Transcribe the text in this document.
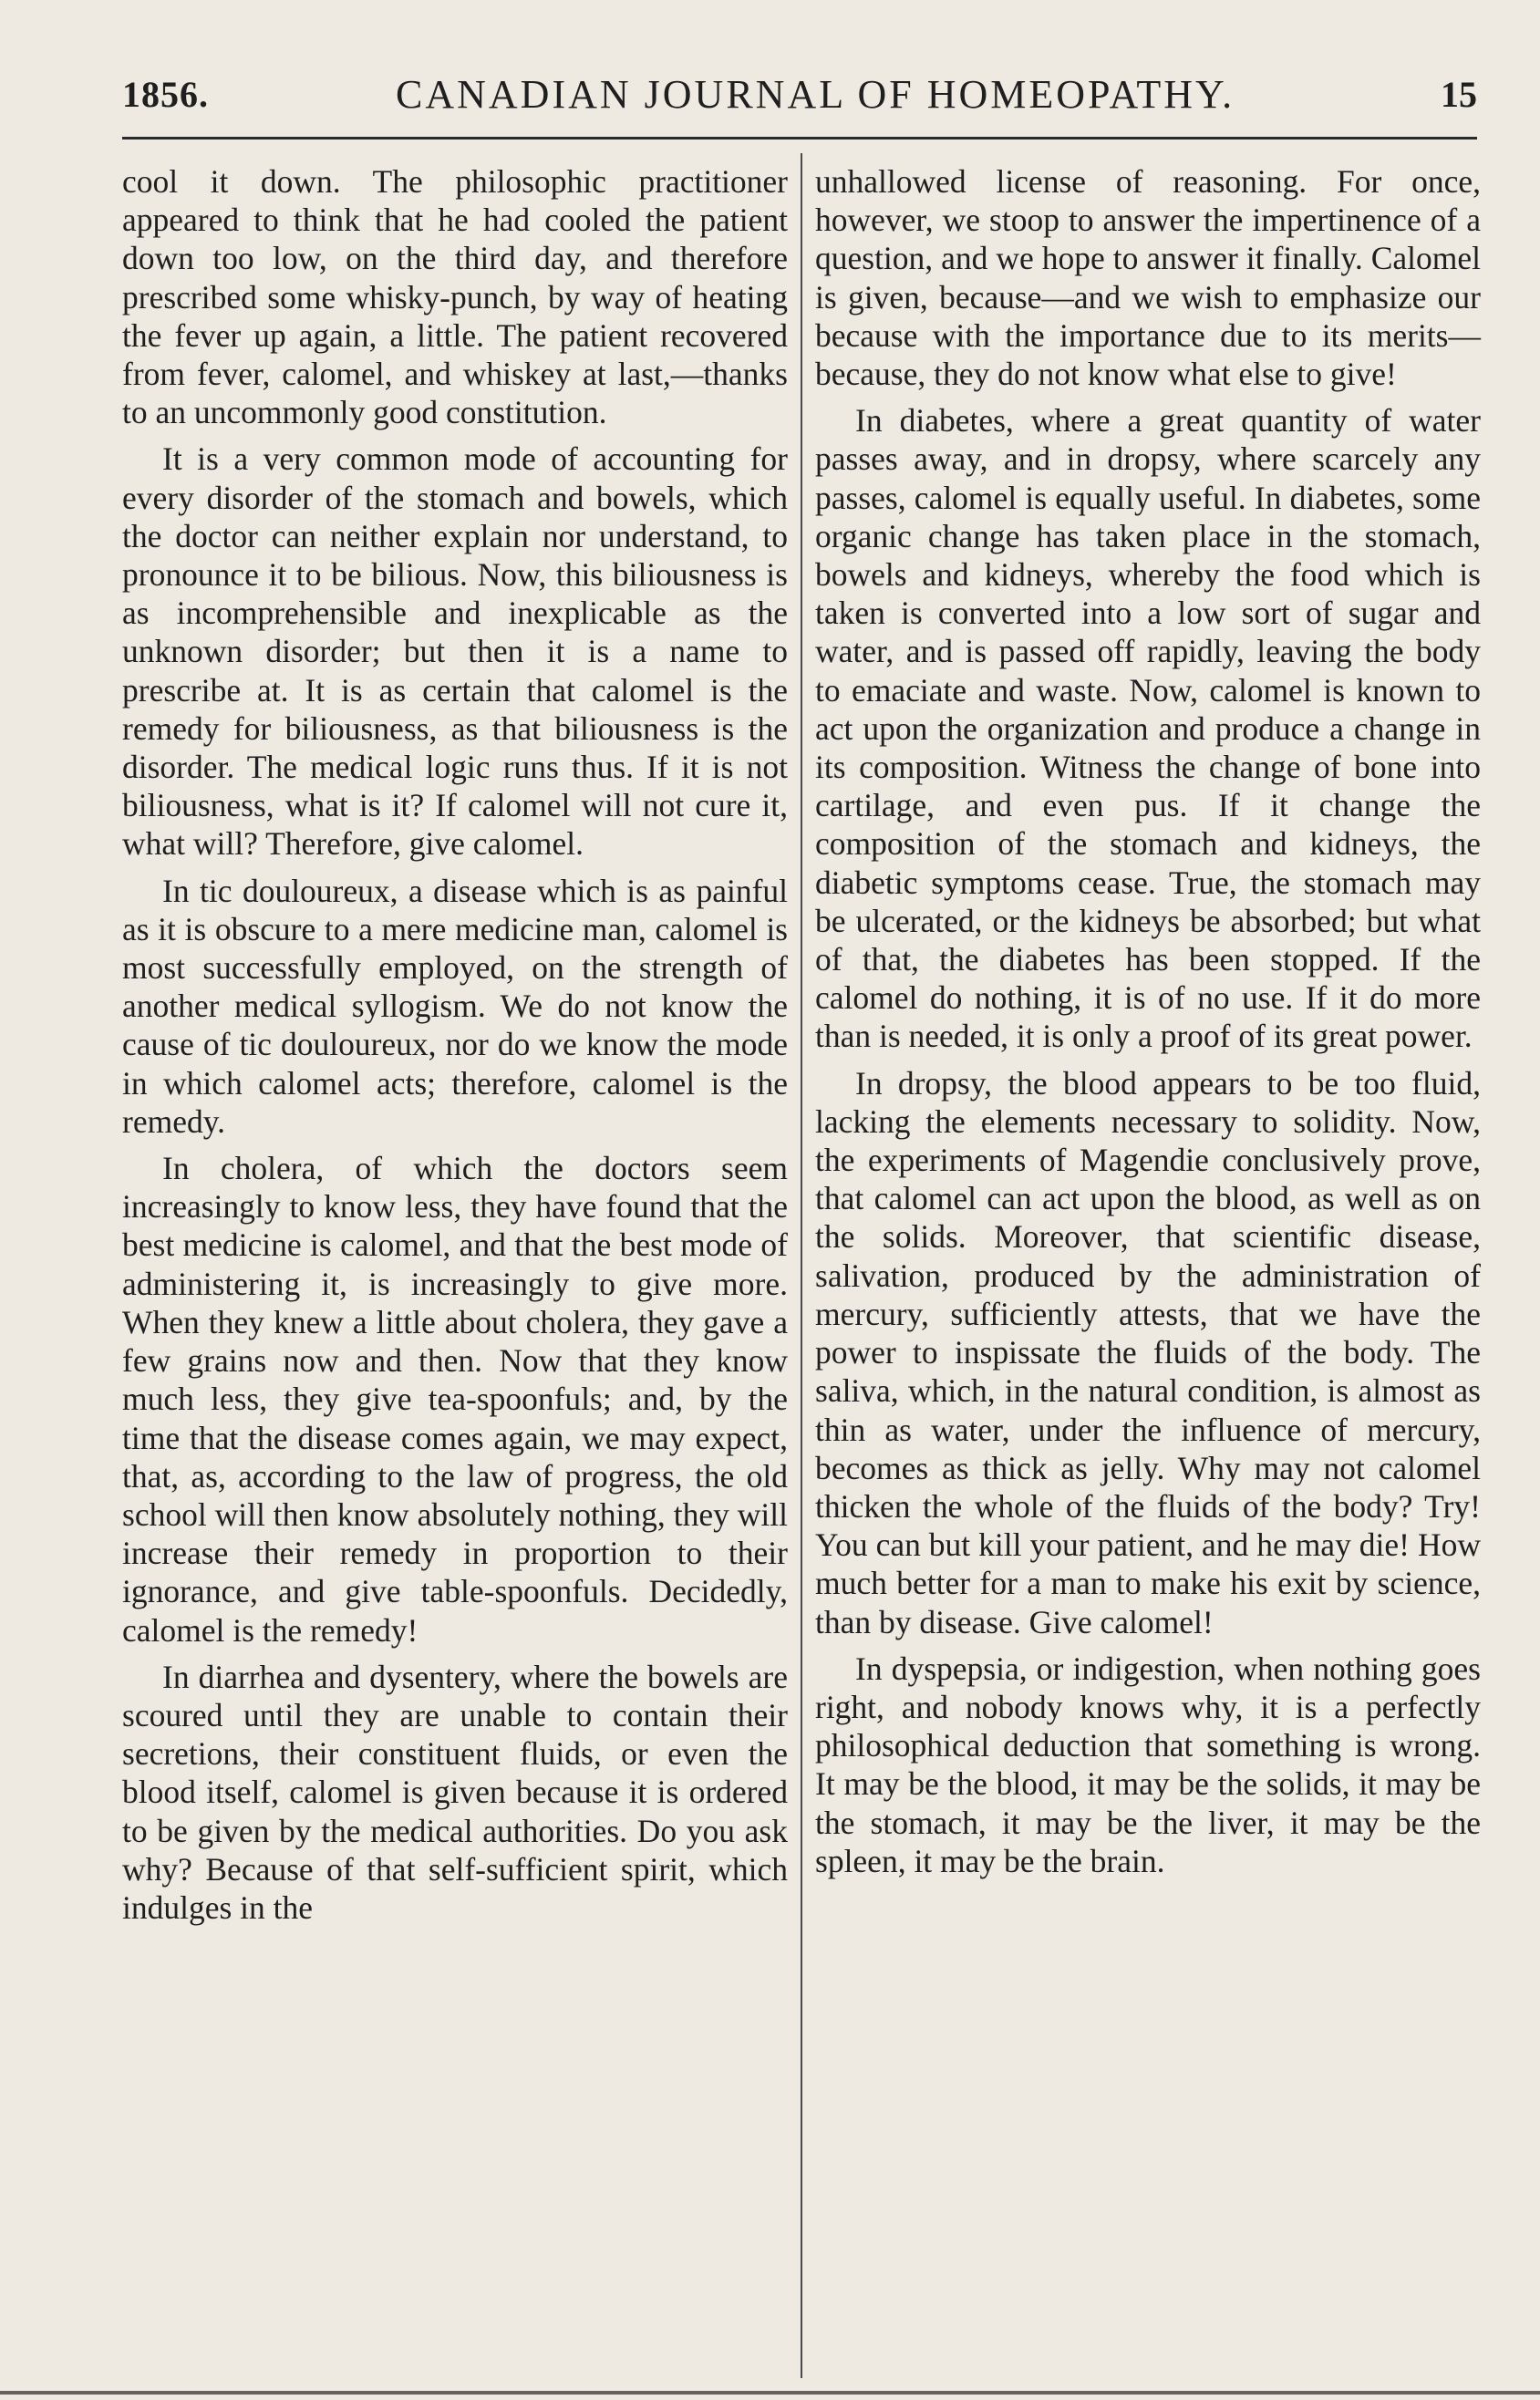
1856.	CANADIAN JOURNAL OF HOMEOPATHY.	15

cool it down. The philosophic practitioner appeared to think that he had cooled the patient down too low, on the third day, and therefore prescribed some whisky-punch, by way of heating the fever up again, a little. The patient recovered from fever, calomel, and whiskey at last,—thanks to an uncommonly good constitution.

It is a very common mode of accounting for every disorder of the stomach and bowels, which the doctor can neither explain nor understand, to pronounce it to be bilious. Now, this biliousness is as incomprehensible and inexplicable as the unknown disorder; but then it is a name to prescribe at. It is as certain that calomel is the remedy for biliousness, as that biliousness is the disorder. The medical logic runs thus. If it is not biliousness, what is it? If calomel will not cure it, what will? Therefore, give calomel.

In tic douloureux, a disease which is as painful as it is obscure to a mere medicine man, calomel is most successfully employed, on the strength of another medical syllogism. We do not know the cause of tic douloureux, nor do we know the mode in which calomel acts; therefore, calomel is the remedy.

In cholera, of which the doctors seem increasingly to know less, they have found that the best medicine is calomel, and that the best mode of administering it, is increasingly to give more. When they knew a little about cholera, they gave a few grains now and then. Now that they know much less, they give tea-spoonfuls; and, by the time that the disease comes again, we may expect, that, as, according to the law of progress, the old school will then know absolutely nothing, they will increase their remedy in proportion to their ignorance, and give table-spoonfuls. Decidedly, calomel is the remedy!

In diarrhea and dysentery, where the bowels are scoured until they are unable to contain their secretions, their constituent fluids, or even the blood itself, calomel is given because it is ordered to be given by the medical authorities. Do you ask why? Because of that self-sufficient spirit, which indulges in the

unhallowed license of reasoning. For once, however, we stoop to answer the impertinence of a question, and we hope to answer it finally. Calomel is given, because—and we wish to emphasize our because with the importance due to its merits—because, they do not know what else to give!

In diabetes, where a great quantity of water passes away, and in dropsy, where scarcely any passes, calomel is equally useful. In diabetes, some organic change has taken place in the stomach, bowels and kidneys, whereby the food which is taken is converted into a low sort of sugar and water, and is passed off rapidly, leaving the body to emaciate and waste. Now, calomel is known to act upon the organization and produce a change in its composition. Witness the change of bone into cartilage, and even pus. If it change the composition of the stomach and kidneys, the diabetic symptoms cease. True, the stomach may be ulcerated, or the kidneys be absorbed; but what of that, the diabetes has been stopped. If the calomel do nothing, it is of no use. If it do more than is needed, it is only a proof of its great power.

In dropsy, the blood appears to be too fluid, lacking the elements necessary to solidity. Now, the experiments of Magendie conclusively prove, that calomel can act upon the blood, as well as on the solids. Moreover, that scientific disease, salivation, produced by the administration of mercury, sufficiently attests, that we have the power to inspissate the fluids of the body. The saliva, which, in the natural condition, is almost as thin as water, under the influence of mercury, becomes as thick as jelly. Why may not calomel thicken the whole of the fluids of the body? Try! You can but kill your patient, and he may die! How much better for a man to make his exit by science, than by disease. Give calomel!

In dyspepsia, or indigestion, when nothing goes right, and nobody knows why, it is a perfectly philosophical deduction that something is wrong. It may be the blood, it may be the solids, it may be the stomach, it may be the liver, it may be the spleen, it may be the brain.
